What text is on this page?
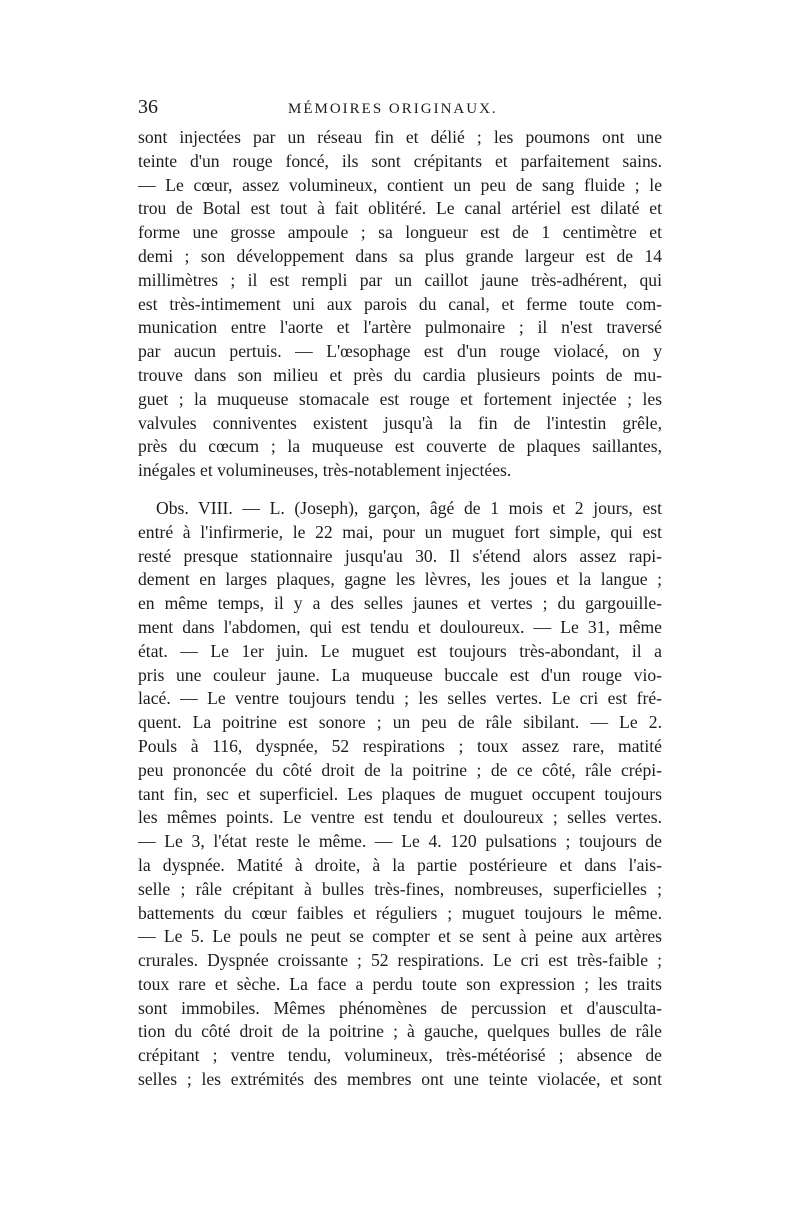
36	MÉMOIRES ORIGINAUX.
sont injectées par un réseau fin et délié ; les poumons ont une
teinte d'un rouge foncé, ils sont crépitants et parfaitement sains.
— Le cœur, assez volumineux, contient un peu de sang fluide ; le
trou de Botal est tout à fait oblitéré. Le canal artériel est dilaté et
forme une grosse ampoule ; sa longueur est de 1 centimètre et
demi ; son développement dans sa plus grande largeur est de 14
millimètres ; il est rempli par un caillot jaune très-adhérent, qui
est très-intimement uni aux parois du canal, et ferme toute com-
munication entre l'aorte et l'artère pulmonaire ; il n'est traversé
par aucun pertuis. — L'œsophage est d'un rouge violacé, on y
trouve dans son milieu et près du cardia plusieurs points de mu-
guet ; la muqueuse stomacale est rouge et fortement injectée ; les
valvules conniventes existent jusqu'à la fin de l'intestin grêle,
près du cœcum ; la muqueuse est couverte de plaques saillantes,
inégales et volumineuses, très-notablement injectées.
Obs. VIII. — L. (Joseph), garçon, âgé de 1 mois et 2 jours, est
entré à l'infirmerie, le 22 mai, pour un muguet fort simple, qui est
resté presque stationnaire jusqu'au 30. Il s'étend alors assez rapi-
dement en larges plaques, gagne les lèvres, les joues et la langue ;
en même temps, il y a des selles jaunes et vertes ; du gargouille-
ment dans l'abdomen, qui est tendu et douloureux. — Le 31, même
état. — Le 1er juin. Le muguet est toujours très-abondant, il a
pris une couleur jaune. La muqueuse buccale est d'un rouge vio-
lacé. — Le ventre toujours tendu ; les selles vertes. Le cri est fré-
quent. La poitrine est sonore ; un peu de râle sibilant. — Le 2.
Pouls à 116, dyspnée, 52 respirations ; toux assez rare, matité
peu prononcée du côté droit de la poitrine ; de ce côté, râle crépi-
tant fin, sec et superficiel. Les plaques de muguet occupent toujours
les mêmes points. Le ventre est tendu et douloureux ; selles vertes.
— Le 3, l'état reste le même. — Le 4. 120 pulsations ; toujours de
la dyspnée. Matité à droite, à la partie postérieure et dans l'ais-
selle ; râle crépitant à bulles très-fines, nombreuses, superficielles ;
battements du cœur faibles et réguliers ; muguet toujours le même.
— Le 5. Le pouls ne peut se compter et se sent à peine aux artères
crurales. Dyspnée croissante ; 52 respirations. Le cri est très-faible ;
toux rare et sèche. La face a perdu toute son expression ; les traits
sont immobiles. Mêmes phénomènes de percussion et d'ausculta-
tion du côté droit de la poitrine ; à gauche, quelques bulles de râle
crépitant ; ventre tendu, volumineux, très-météorisé ; absence de
selles ; les extrémités des membres ont une teinte violacée, et sont
